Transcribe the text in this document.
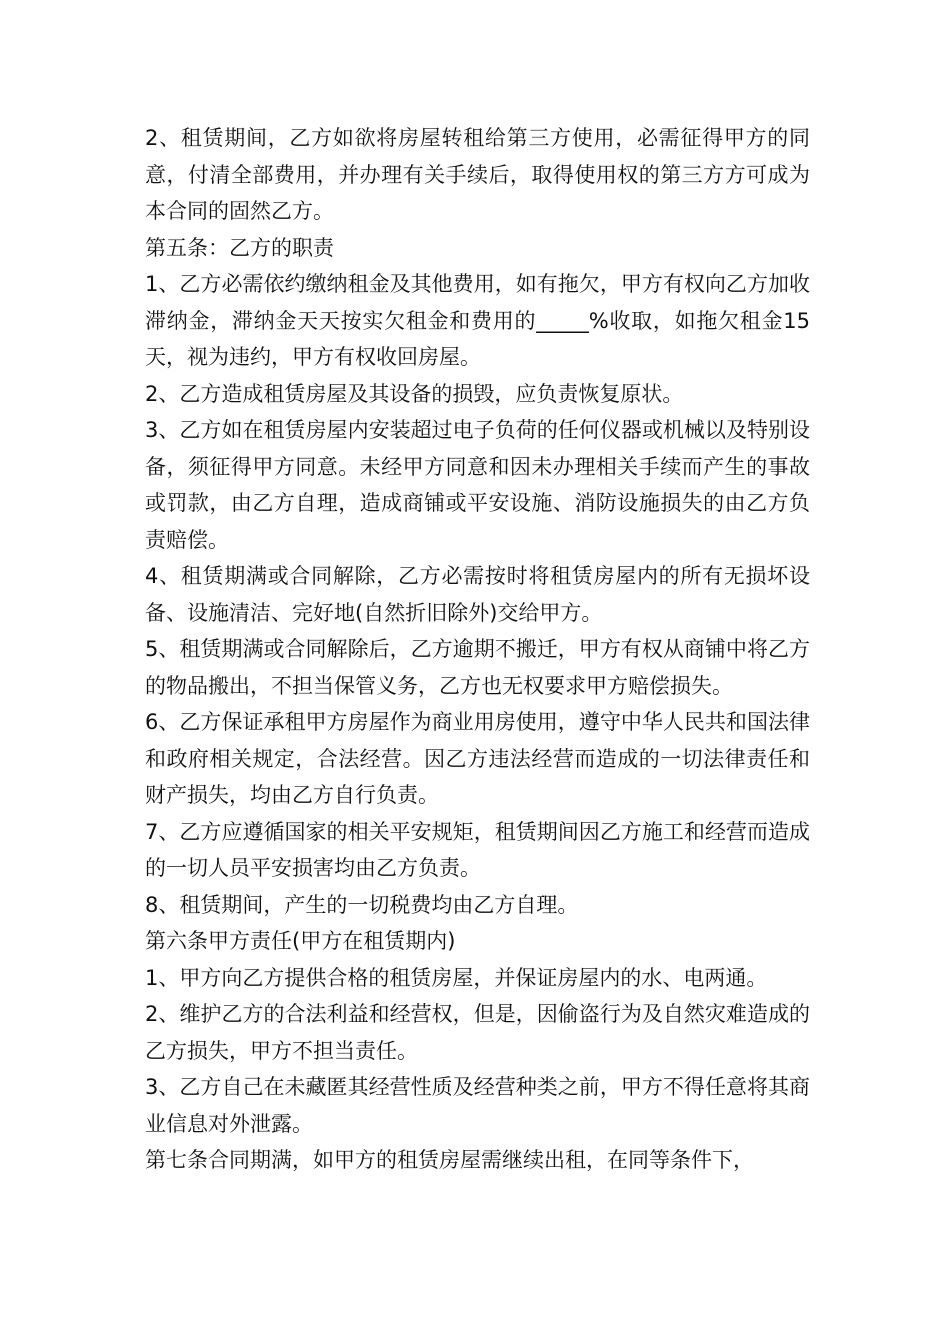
2、租赁期间，乙方如欲将房屋转租给第三方使用，必需征得甲方的同意，付清全部费用，并办理有关手续后，取得使用权的第三方方可成为本合同的固然乙方。

第五条：乙方的职责

1、乙方必需依约缴纳租金及其他费用，如有拖欠，甲方有权向乙方加收滞纳金，滞纳金天天按实欠租金和费用的_____%收取，如拖欠租金15天，视为违约，甲方有权收回房屋。

2、乙方造成租赁房屋及其设备的损毁，应负责恢复原状。

3、乙方如在租赁房屋内安装超过电子负荷的任何仪器或机械以及特别设备，须征得甲方同意。未经甲方同意和因未办理相关手续而产生的事故或罚款，由乙方自理，造成商铺或平安设施、消防设施损失的由乙方负责赔偿。

4、租赁期满或合同解除，乙方必需按时将租赁房屋内的所有无损坏设备、设施清洁、完好地(自然折旧除外)交给甲方。

5、租赁期满或合同解除后，乙方逾期不搬迁，甲方有权从商铺中将乙方的物品搬出，不担当保管义务，乙方也无权要求甲方赔偿损失。

6、乙方保证承租甲方房屋作为商业用房使用，遵守中华人民共和国法律和政府相关规定，合法经营。因乙方违法经营而造成的一切法律责任和财产损失，均由乙方自行负责。

7、乙方应遵循国家的相关平安规矩，租赁期间因乙方施工和经营而造成的一切人员平安损害均由乙方负责。

8、租赁期间，产生的一切税费均由乙方自理。

第六条甲方责任(甲方在租赁期内)

1、甲方向乙方提供合格的租赁房屋，并保证房屋内的水、电两通。

2、维护乙方的合法利益和经营权，但是，因偷盗行为及自然灾难造成的乙方损失，甲方不担当责任。

3、乙方自己在未藏匿其经营性质及经营种类之前，甲方不得任意将其商业信息对外泄露。

第七条合同期满，如甲方的租赁房屋需继续出租，在同等条件下，
